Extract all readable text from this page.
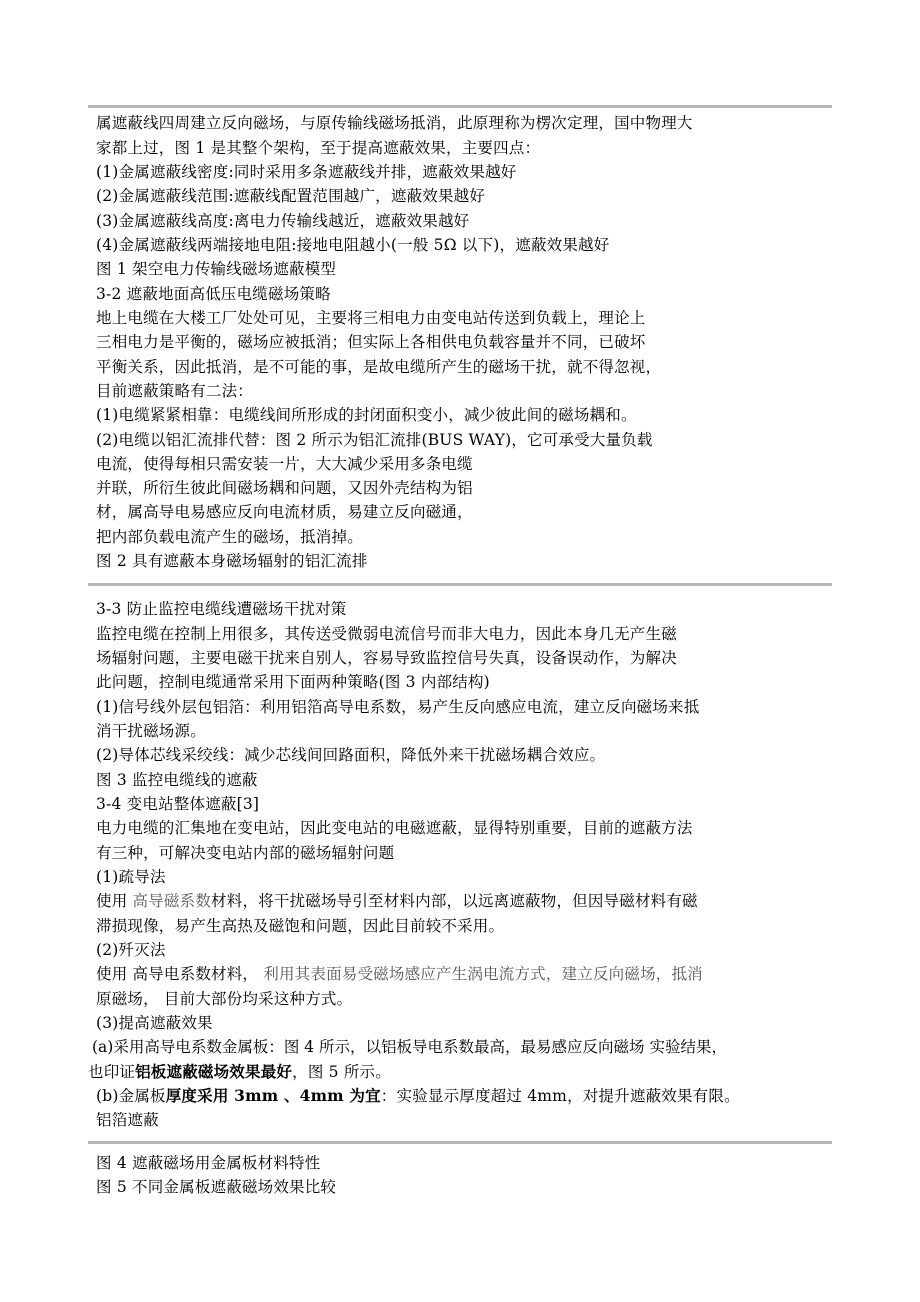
属遮蔽线四周建立反向磁场，与原传输线磁场抵消，此原理称为楞次定理，国中物理大
家都上过，图 1 是其整个架构，至于提高遮蔽效果，主要四点：
(1)金属遮蔽线密度:同时采用多条遮蔽线并排，遮蔽效果越好
(2)金属遮蔽线范围:遮蔽线配置范围越广，遮蔽效果越好
(3)金属遮蔽线高度:离电力传输线越近，遮蔽效果越好
(4)金属遮蔽线两端接地电阻:接地电阻越小(一般 5Ω 以下)，遮蔽效果越好
图 1 架空电力传输线磁场遮蔽模型
3-2 遮蔽地面高低压电缆磁场策略
地上电缆在大楼工厂处处可见，主要将三相电力由变电站传送到负载上，理论上
三相电力是平衡的，磁场应被抵消；但实际上各相供电负载容量并不同，已破坏
平衡关系，因此抵消，是不可能的事，是故电缆所产生的磁场干扰，就不得忽视，
目前遮蔽策略有二法：
(1)电缆紧紧相靠：电缆线间所形成的封闭面积变小，减少彼此间的磁场耦和。
(2)电缆以铝汇流排代替：图 2 所示为铝汇流排(BUS WAY)，它可承受大量负载
电流，使得每相只需安装一片，大大减少采用多条电缆
并联，所衍生彼此间磁场耦和问题，又因外壳结构为铝
材，属高导电易感应反向电流材质，易建立反向磁通，
把内部负载电流产生的磁场，抵消掉。
图 2 具有遮蔽本身磁场辐射的铝汇流排
3-3 防止监控电缆线遭磁场干扰对策
监控电缆在控制上用很多，其传送受微弱电流信号而非大电力，因此本身几无产生磁
场辐射问题，主要电磁干扰来自别人，容易导致监控信号失真，设备误动作，为解决
此问题，控制电缆通常采用下面两种策略(图 3 内部结构)
(1)信号线外层包铝箔：利用铝箔高导电系数，易产生反向感应电流，建立反向磁场来抵
消干扰磁场源。
(2)导体芯线采绞线：减少芯线间回路面积，降低外来干扰磁场耦合效应。
图 3 监控电缆线的遮蔽
3-4 变电站整体遮蔽[3]
电力电缆的汇集地在变电站，因此变电站的电磁遮蔽，显得特别重要，目前的遮蔽方法
有三种，可解决变电站内部的磁场辐射问题
(1)疏导法
使用 高导磁系数材料，将干扰磁场导引至材料内部，以远离遮蔽物，但因导磁材料有磁
滞损现像，易产生高热及磁饱和问题，因此目前较不采用。
(2)歼灭法
使用 高导电系数材料， 利用其表面易受磁场感应产生涡电流方式，建立反向磁场，抵消
原磁场， 目前大部份均采这种方式。
(3)提高遮蔽效果
(a)采用高导电系数金属板：图 4 所示，以铝板导电系数最高，最易感应反向磁场 实验结果，
也印证铝板遮蔽磁场效果最好，图 5 所示。
(b)金属板厚度采用 3mm 、4mm 为宜：实验显示厚度超过 4mm，对提升遮蔽效果有限。
铝箔遮蔽
图 4 遮蔽磁场用金属板材料特性
图 5 不同金属板遮蔽磁场效果比较
